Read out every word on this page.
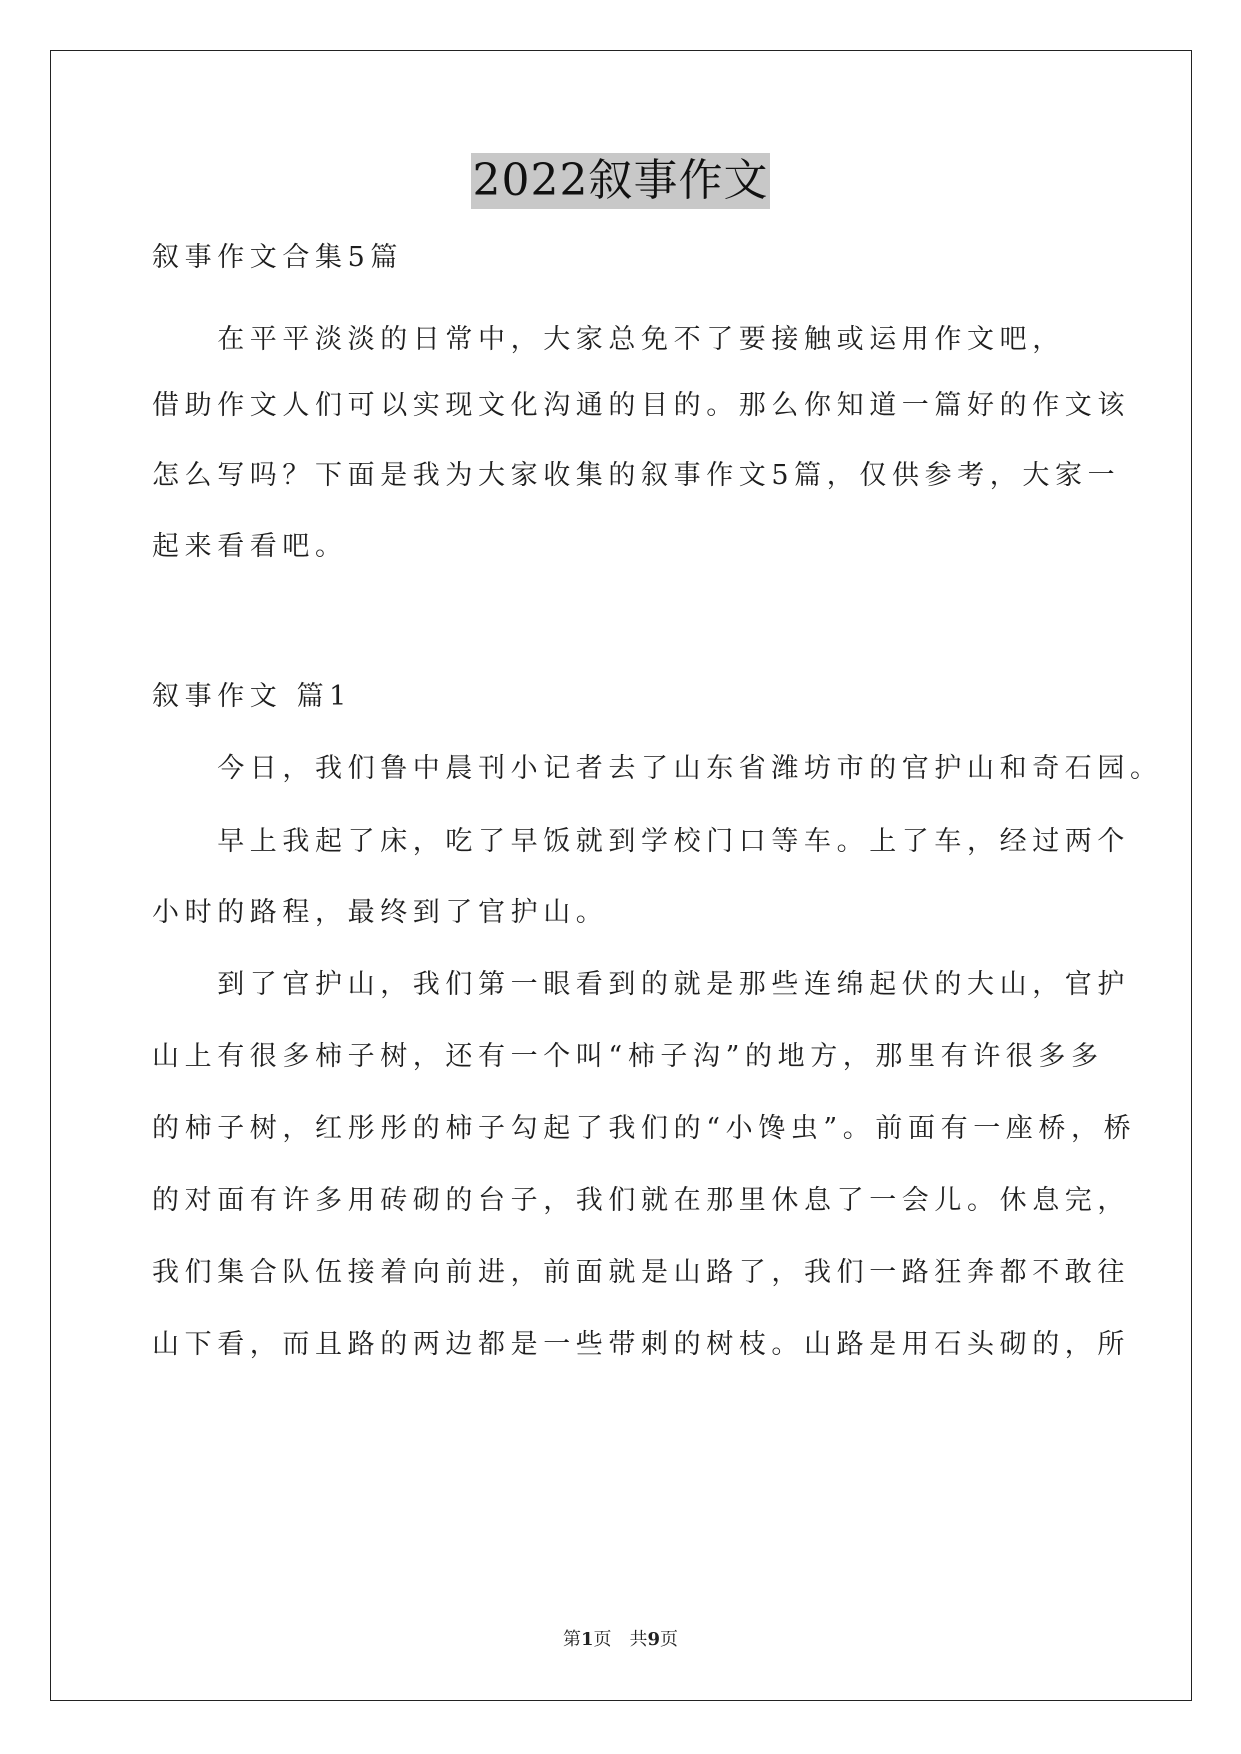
2022叙事作文
叙事作文合集5篇
　　在平平淡淡的日常中，大家总免不了要接触或运用作文吧，
借助作文人们可以实现文化沟通的目的。那么你知道一篇好的作文该
怎么写吗？下面是我为大家收集的叙事作文5篇，仅供参考，大家一
起来看看吧。
叙事作文 篇1
　　今日，我们鲁中晨刊小记者去了山东省潍坊市的官护山和奇石园。
　　早上我起了床，吃了早饭就到学校门口等车。上了车，经过两个
小时的路程，最终到了官护山。
　　到了官护山，我们第一眼看到的就是那些连绵起伏的大山，官护
山上有很多柿子树，还有一个叫“柿子沟”的地方，那里有许很多多
的柿子树，红彤彤的柿子勾起了我们的“小馋虫”。前面有一座桥，桥
的对面有许多用砖砌的台子，我们就在那里休息了一会儿。休息完，
我们集合队伍接着向前进，前面就是山路了，我们一路狂奔都不敢往
山下看，而且路的两边都是一些带刺的树枝。山路是用石头砌的，所
第1页　共9页
